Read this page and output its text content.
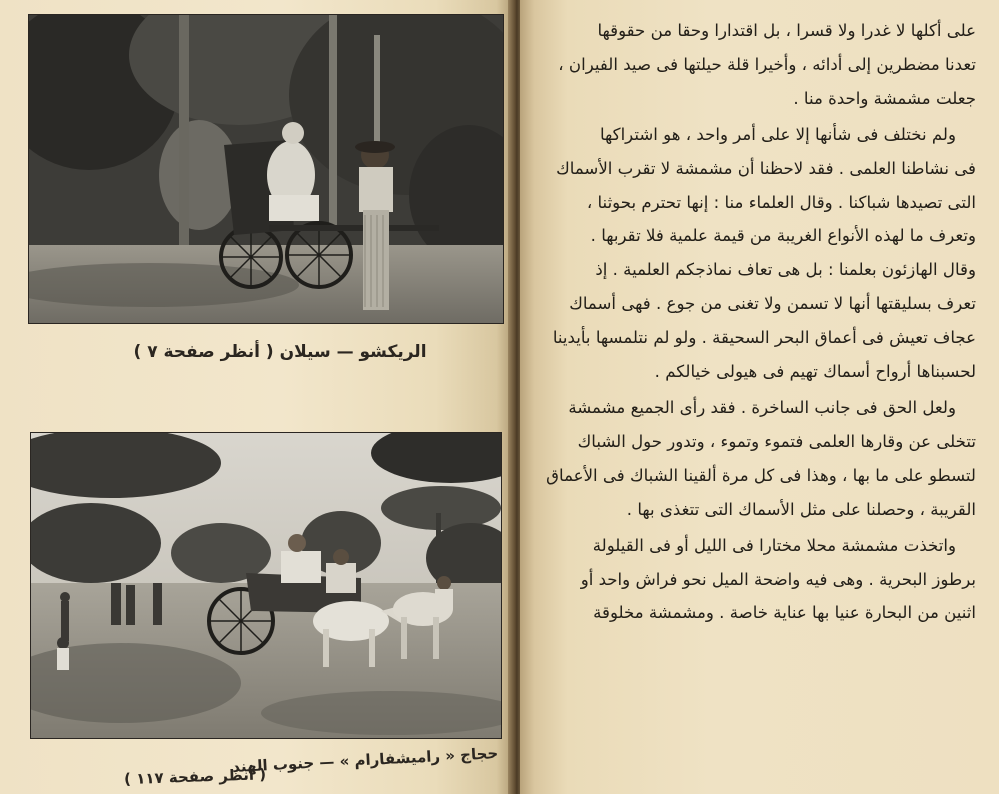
الريكشو — سيلان ( أنظر صفحة ٧ )
حجاج « راميشفارام » — جنوب الهند
( أنظر صفحة ١١٧ )

على أكلها لا غدرا ولا قسرا ، بل اقتدارا وحقا من حقوقها
تعدنا مضطرين إلى أدائه ، وأخيرا قلة حيلتها فى صيد الفيران ،
جعلت مشمشة واحدة منا .

ولم نختلف فى شأنها إلا على أمر واحد ، هو اشتراكها
فى نشاطنا العلمى . فقد لاحظنا أن مشمشة لا تقرب الأسماك
التى تصيدها شباكنا . وقال العلماء منا : إنها تحترم بحوثنا ،
وتعرف ما لهذه الأنواع الغريبة من قيمة علمية فلا تقربها .
وقال الهازئون بعلمنا : بل هى تعاف نماذجكم العلمية . إذ
تعرف بسليقتها أنها لا تسمن ولا تغنى من جوع . فهى أسماك
عجاف تعيش فى أعماق البحر السحيقة . ولو لم نتلمسها بأيدينا
لحسبناها أرواح أسماك تهيم فى هيولى خيالكم .

ولعل الحق فى جانب الساخرة . فقد رأى الجميع مشمشة
تتخلى عن وقارها العلمى فتموء وتموء ، وتدور حول الشباك
لتسطو على ما بها ، وهذا فى كل مرة ألقينا الشباك فى الأعماق
القريبة ، وحصلنا على مثل الأسماك التى تتغذى بها .

واتخذت مشمشة محلا مختارا فى الليل أو فى القيلولة
برطوز البحرية . وهى فيه واضحة الميل نحو فراش واحد أو
اثنين من البحارة عنيا بها عناية خاصة . ومشمشة مخلوقة
